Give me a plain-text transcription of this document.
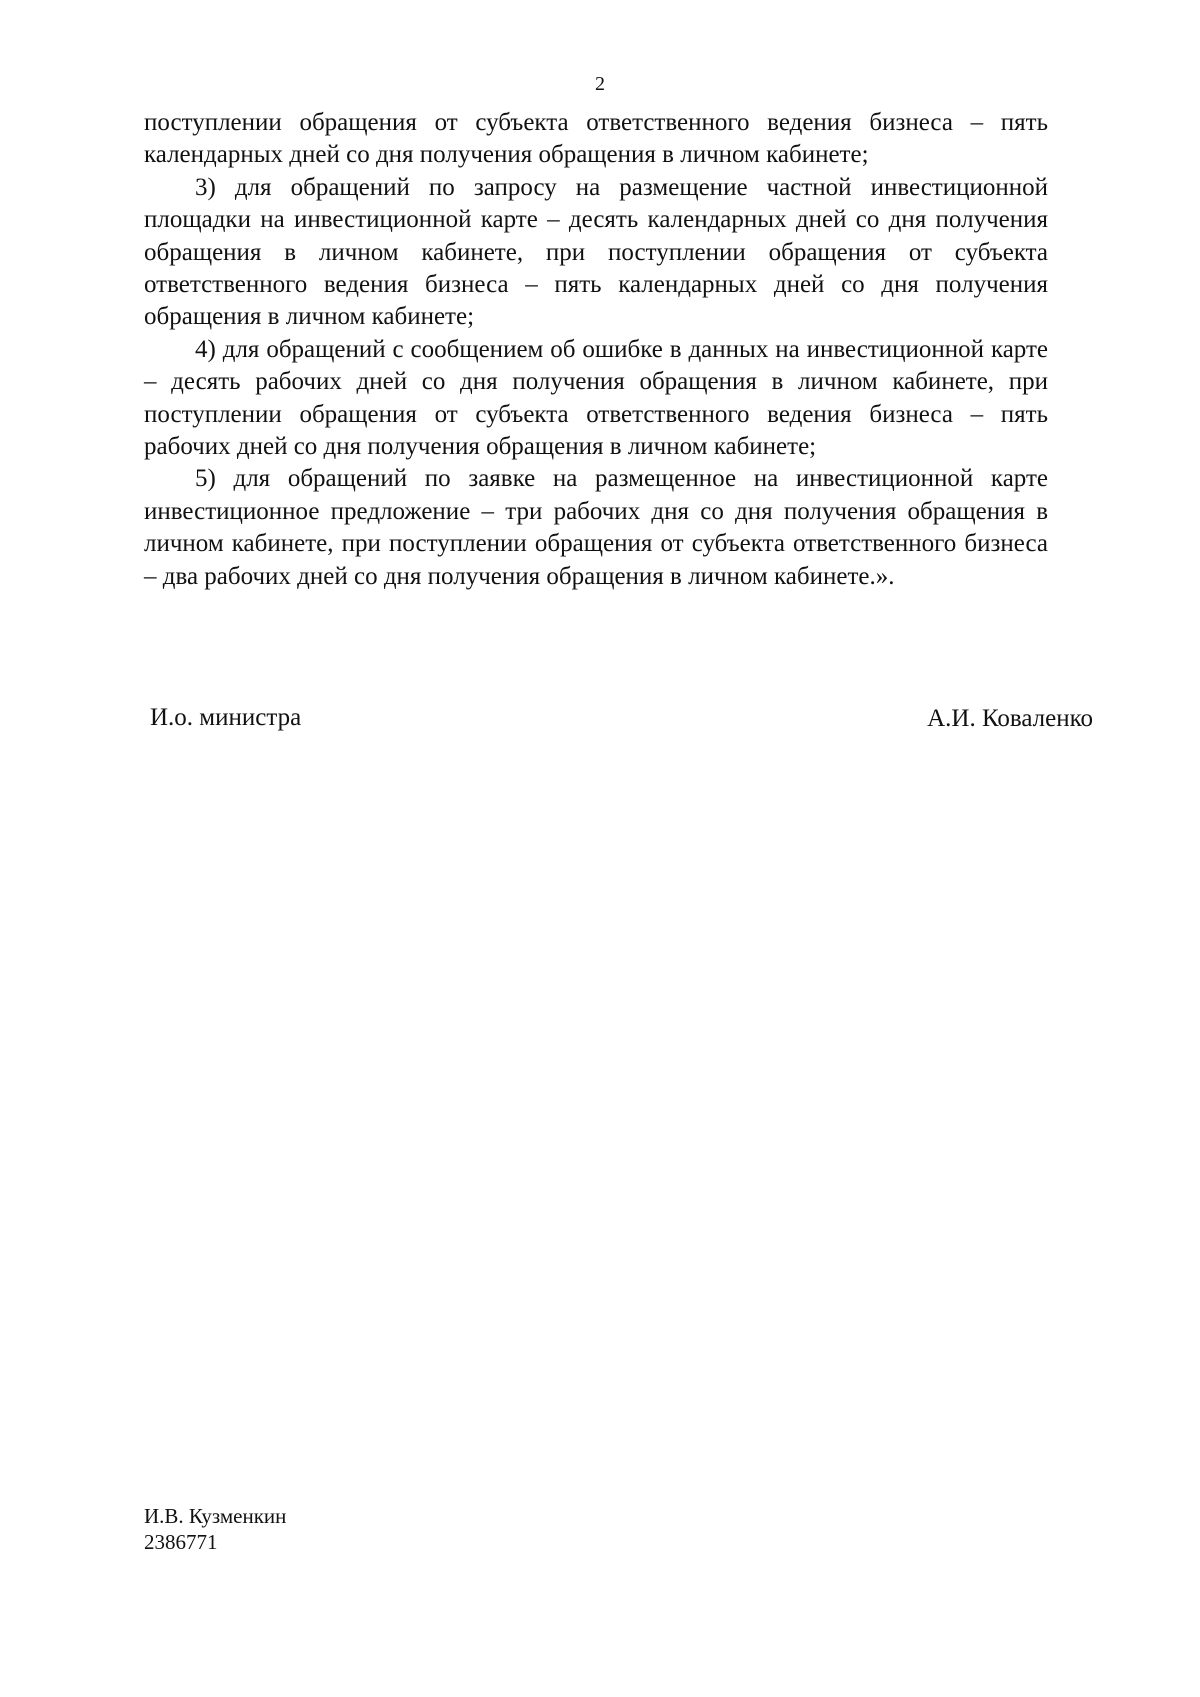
2

поступлении обращения от субъекта ответственного ведения бизнеса – пять календарных дней со дня получения обращения в личном кабинете;

3) для обращений по запросу на размещение частной инвестиционной площадки на инвестиционной карте – десять календарных дней со дня получения обращения в личном кабинете, при поступлении обращения от субъекта ответственного ведения бизнеса – пять календарных дней со дня получения обращения в личном кабинете;

4) для обращений с сообщением об ошибке в данных на инвестиционной карте – десять рабочих дней со дня получения обращения в личном кабинете, при поступлении обращения от субъекта ответственного ведения бизнеса – пять рабочих дней со дня получения обращения в личном кабинете;

5) для обращений по заявке на размещенное на инвестиционной карте инвестиционное предложение – три рабочих дня со дня получения обращения в личном кабинете, при поступлении обращения от субъекта ответственного бизнеса – два рабочих дней со дня получения обращения в личном кабинете.».

И.о. министра	А.И. Коваленко
И.В. Кузменкин
2386771
